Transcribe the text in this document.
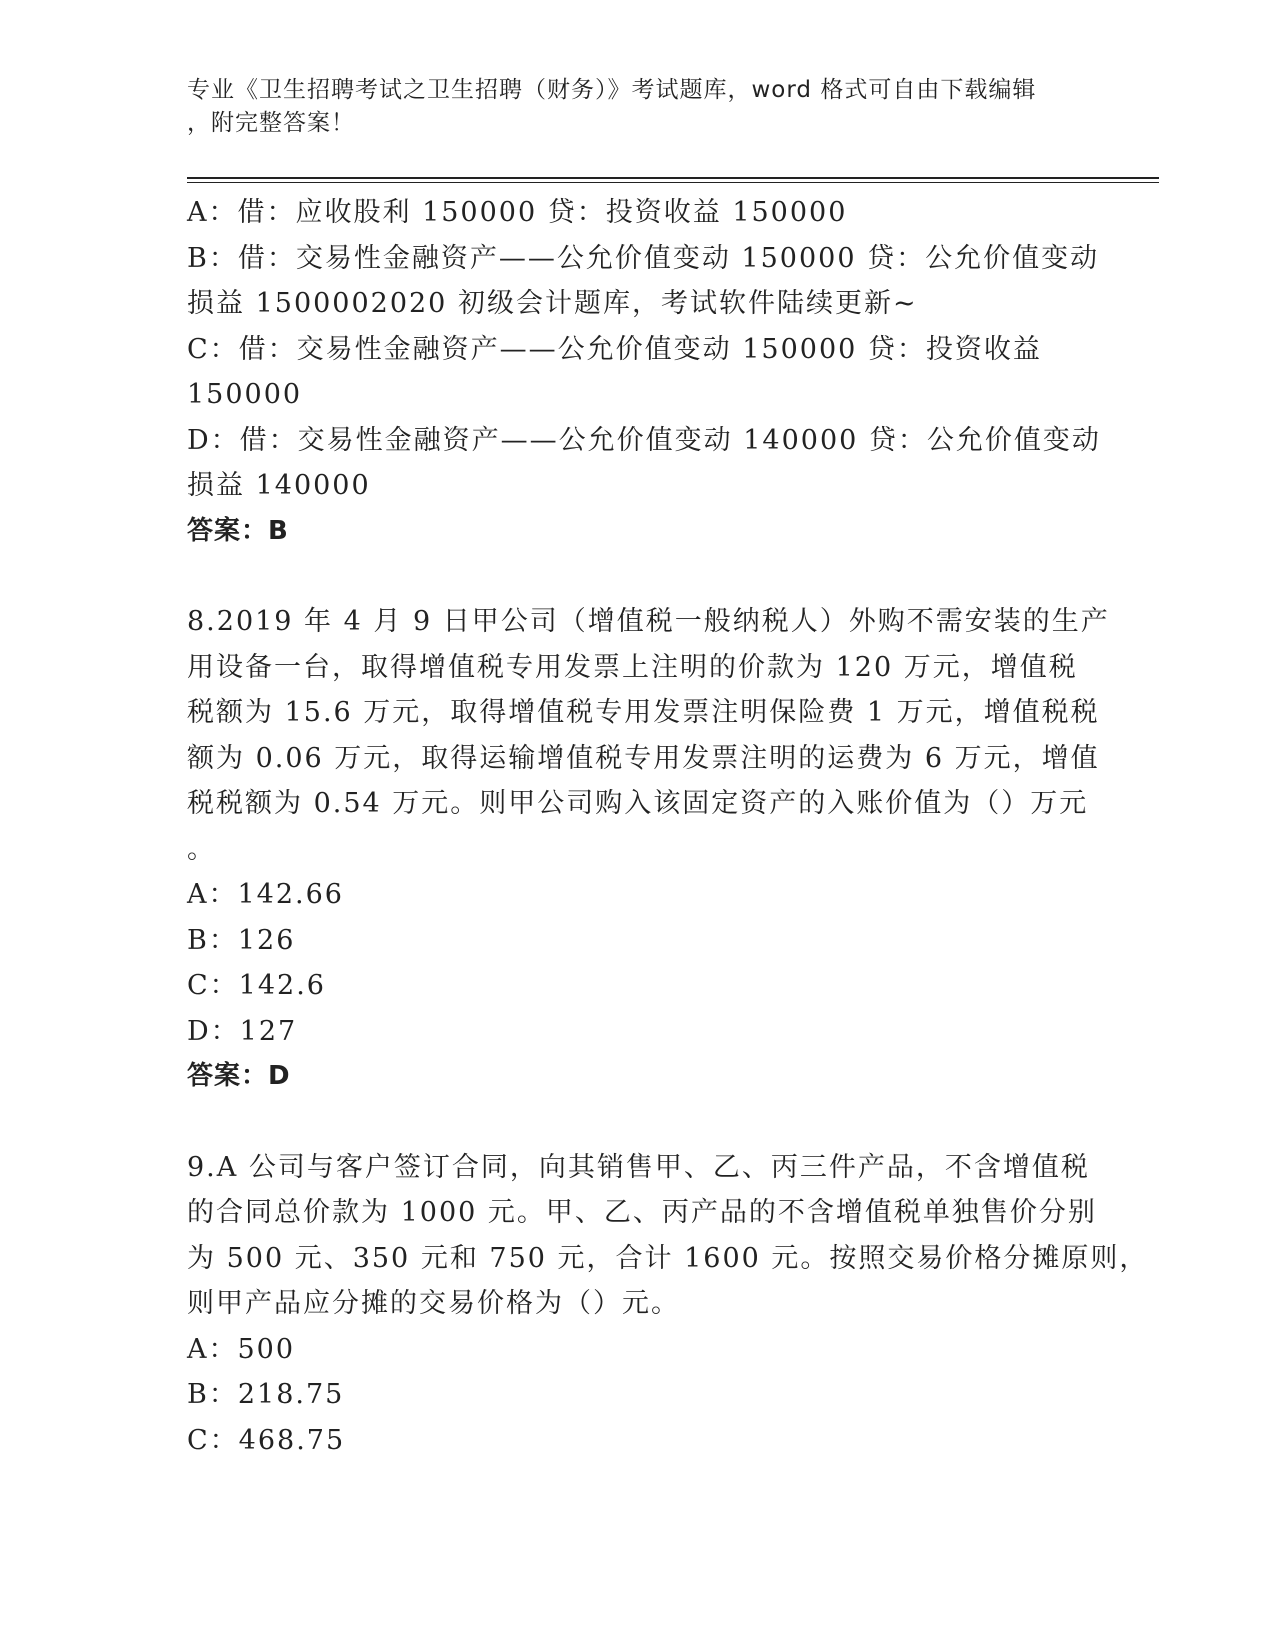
专业《卫生招聘考试之卫生招聘（财务）》考试题库，word 格式可自由下载编辑
，附完整答案！
A：借：应收股利 150000 贷：投资收益 150000
B：借：交易性金融资产——公允价值变动 150000 贷：公允价值变动
损益 1500002020 初级会计题库，考试软件陆续更新~
C：借：交易性金融资产——公允价值变动 150000 贷：投资收益
150000
D：借：交易性金融资产——公允价值变动 140000 贷：公允价值变动
损益 140000
答案：B
8.2019 年 4 月 9 日甲公司（增值税一般纳税人）外购不需安装的生产
用设备一台，取得增值税专用发票上注明的价款为 120 万元，增值税
税额为 15.6 万元，取得增值税专用发票注明保险费 1 万元，增值税税
额为 0.06 万元，取得运输增值税专用发票注明的运费为 6 万元，增值
税税额为 0.54 万元。则甲公司购入该固定资产的入账价值为（）万元
。
A：142.66
B：126
C：142.6
D：127
答案：D
9.A 公司与客户签订合同，向其销售甲、乙、丙三件产品，不含增值税
的合同总价款为 1000 元。甲、乙、丙产品的不含增值税单独售价分别
为 500 元、350 元和 750 元，合计 1600 元。按照交易价格分摊原则，
则甲产品应分摊的交易价格为（）元。
A：500
B：218.75
C：468.75
